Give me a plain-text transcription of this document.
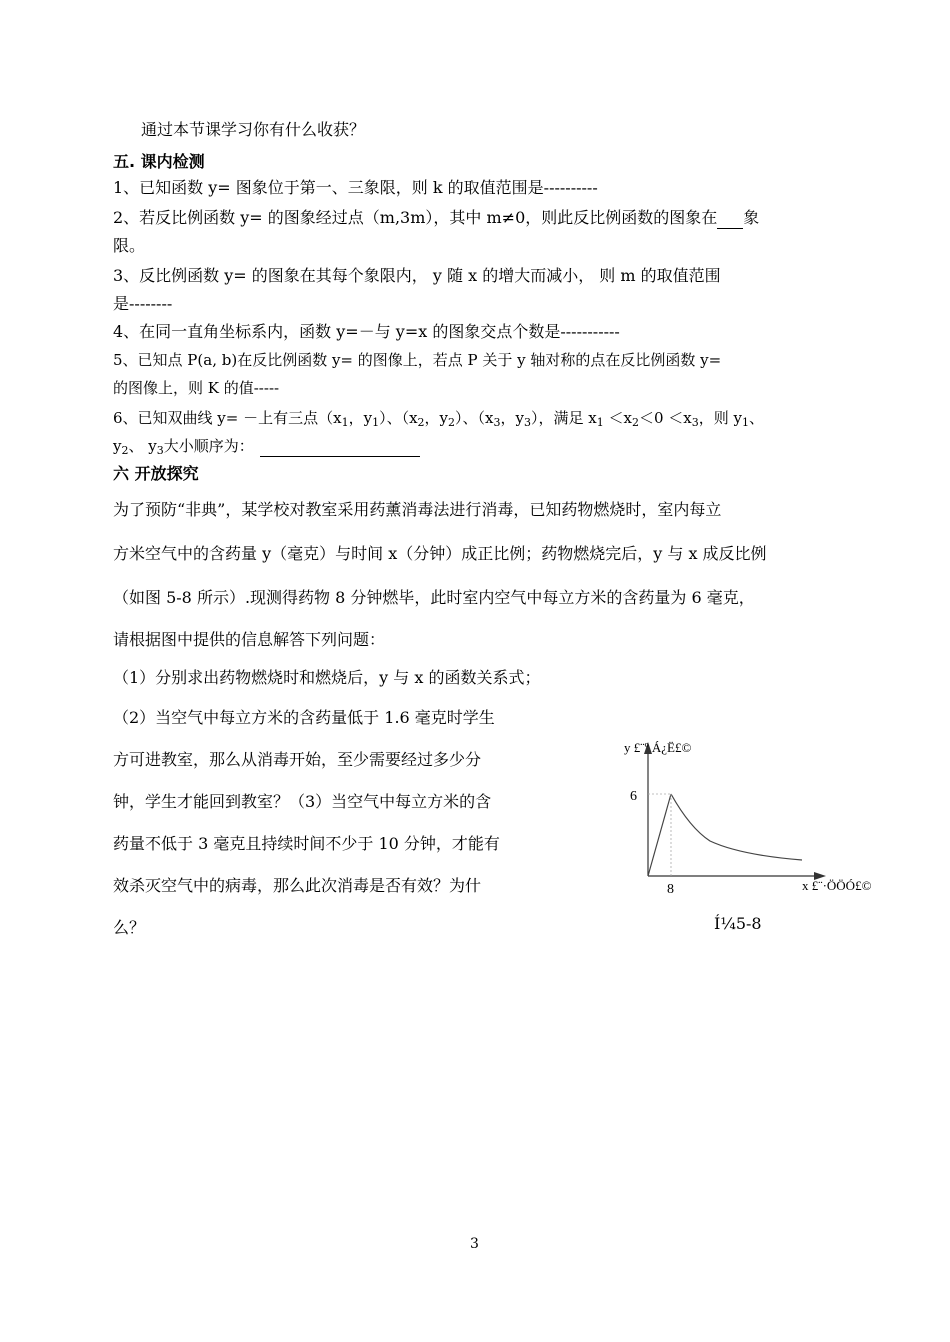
通过本节课学习你有什么收获？
五. 课内检测
1、已知函数 y= 图象位于第一、三象限，则 k 的取值范围是----------
2、若反比例函数 y= 的图象经过点（m,3m），其中 m≠0，则此反比例函数的图象在 象
限。
3、反比例函数 y= 的图象在其每个象限内， y 随 x 的增大而减小， 则 m 的取值范围
是--------
4、在同一直角坐标系内，函数 y=－与 y=x 的图象交点个数是-----------
5、已知点 P(a, b)在反比例函数 y= 的图像上，若点 P 关于 y 轴对称的点在反比例函数 y=
的图像上，则 K 的值-----
6、已知双曲线 y= －上有三点（$x_1$，$y_1$）、（$x_2$，$y_2$）、（$x_3$，$y_3$），满足 $x_1 <x_2<0 <x_3$，则 $y_1$、
$y_2$、 $y_3$大小顺序为：
六 开放探究
为了预防“非典”，某学校对教室采用药薰消毒法进行消毒，已知药物燃烧时，室内每立
方米空气中的含药量 y（毫克）与时间 x（分钟）成正比例；药物燃烧完后，y 与 x 成反比例
（如图 5-8 所示）.现测得药物 8 分钟燃毕，此时室内空气中每立方米的含药量为 6 毫克，
请根据图中提供的信息解答下列问题：
（1）分别求出药物燃烧时和燃烧后，y 与 x 的函数关系式；
（2）当空气中每立方米的含药量低于 1.6 毫克时学生
方可进教室，那么从消毒开始，至少需要经过多少分
钟，学生才能回到教室？（3）当空气中每立方米的含
药量不低于 3 毫克且持续时间不少于 10 分钟，才能有
效杀灭空气中的病毒，那么此次消毒是否有效？为什
么？
y £¨º Á¿Ë£©
6
8	x £¨·ÖÖÓ£©
Í¼5-8
3
